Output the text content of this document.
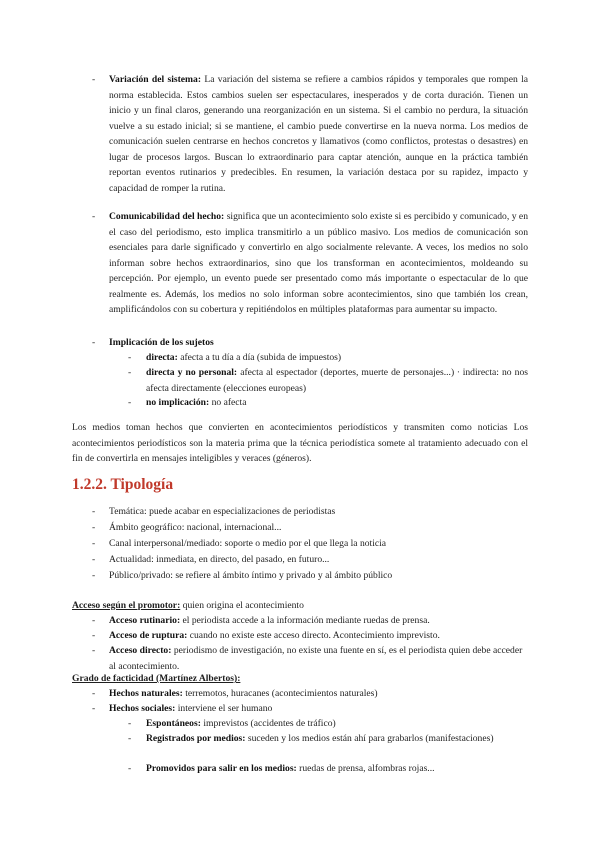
- Variación del sistema: La variación del sistema se refiere a cambios rápidos y temporales que rompen la norma establecida. Estos cambios suelen ser espectaculares, inesperados y de corta duración. Tienen un inicio y un final claros, generando una reorganización en un sistema. Si el cambio no perdura, la situación vuelve a su estado inicial; si se mantiene, el cambio puede convertirse en la nueva norma. Los medios de comunicación suelen centrarse en hechos concretos y llamativos (como conflictos, protestas o desastres) en lugar de procesos largos. Buscan lo extraordinario para captar atención, aunque en la práctica también reportan eventos rutinarios y predecibles. En resumen, la variación destaca por su rapidez, impacto y capacidad de romper la rutina.

- Comunicabilidad del hecho: significa que un acontecimiento solo existe si es percibido y comunicado, y en el caso del periodismo, esto implica transmitirlo a un público masivo. Los medios de comunicación son esenciales para darle significado y convertirlo en algo socialmente relevante. A veces, los medios no solo informan sobre hechos extraordinarios, sino que los transforman en acontecimientos, moldeando su percepción. Por ejemplo, un evento puede ser presentado como más importante o espectacular de lo que realmente es. Además, los medios no solo informan sobre acontecimientos, sino que también los crean, amplificándolos con su cobertura y repitiéndolos en múltiples plataformas para aumentar su impacto.

- Implicación de los sujetos

- directa: afecta a tu día a día (subida de impuestos)

- directa y no personal: afecta al espectador (deportes, muerte de personajes...) ∙ indirecta: no nos afecta directamente (elecciones europeas)

- no implicación: no afecta

Los medios toman hechos que convierten en acontecimientos periodísticos y transmiten como noticias Los acontecimientos periodísticos son la materia prima que la técnica periodística somete al tratamiento adecuado con el fin de convertirla en mensajes inteligibles y veraces (géneros).

1.2.2. Tipología
- Temática: puede acabar en especializaciones de periodistas

- Ámbito geográfico: nacional, internacional...

- Canal interpersonal/mediado: soporte o medio por el que llega la noticia

- Actualidad: inmediata, en directo, del pasado, en futuro...

- Público/privado: se refiere al ámbito íntimo y privado y al ámbito público

Acceso según el promotor: quien origina el acontecimiento

- Acceso rutinario: el periodista accede a la información mediante ruedas de prensa.

- Acceso de ruptura: cuando no existe este acceso directo. Acontecimiento imprevisto.

- Acceso directo: periodismo de investigación, no existe una fuente en sí, es el periodista quien debe acceder al acontecimiento.

Grado de facticidad (Martínez Albertos):

- Hechos naturales: terremotos, huracanes (acontecimientos naturales)

- Hechos sociales: interviene el ser humano

- Espontáneos: imprevistos (accidentes de tráfico)

- Registrados por medios: suceden y los medios están ahí para grabarlos (manifestaciones)

- Promovidos para salir en los medios: ruedas de prensa, alfombras rojas...
